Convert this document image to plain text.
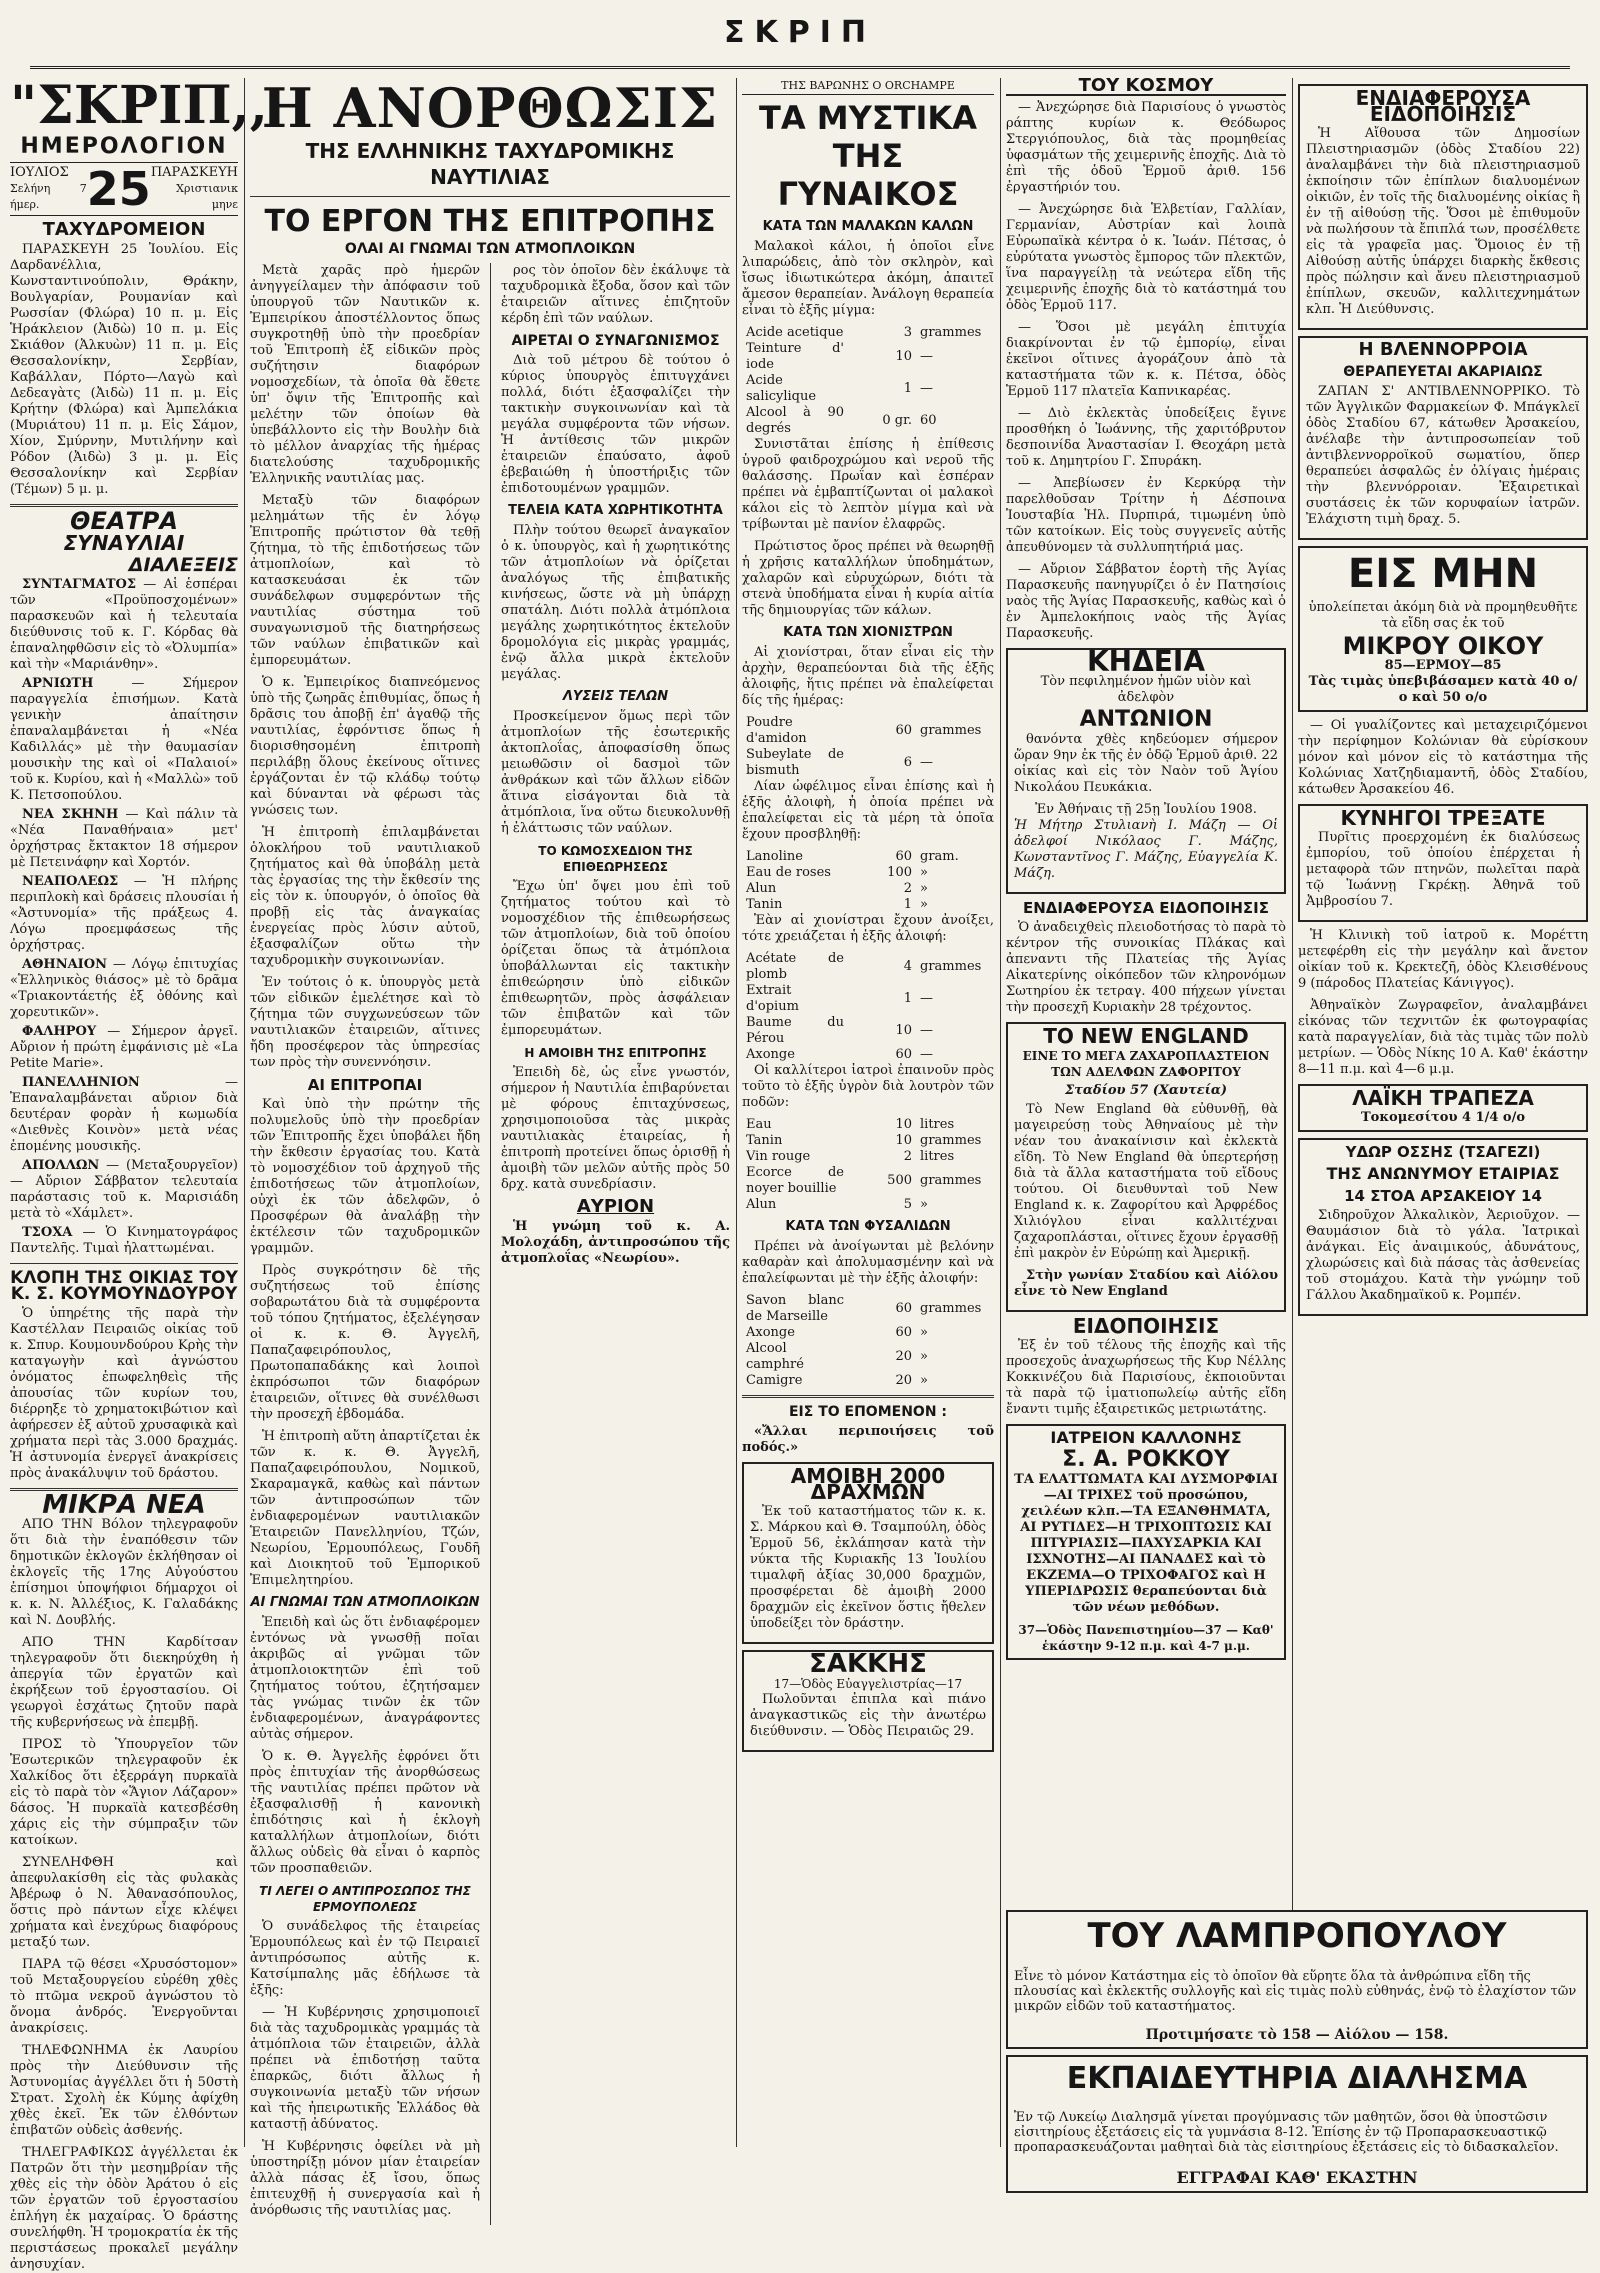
ΣΚΡΙΠ
"ΣΚΡΙΠ,,
ΗΜΕΡΟΛΟΓΙΟΝ
ΙΟΥΛΙΟΣ
Σελήνη 7 ήμερ.	25 ΠΑΡΑΣΚΕΥΗ
Χριστιανικ μηνε
ΤΑΧΥΔΡΟΜΕΙΟΝ

ΠΑΡΑΣΚΕΥΗ 25 Ἰουλίου. Εἰς Δαρδανέλλια, Κωνσταντινούπολιν, Θράκην, Βουλγαρίαν, Ρουμανίαν καὶ Ρωσσίαν (Φλώρα) 10 π. μ. Εἰς Ἡράκλειον (Ἀιδὼ) 10 π. μ. Εἰς Σκιάθον (Ἀλκυὼν) 11 π. μ. Εἰς Θεσσαλονίκην, Σερβίαν, Καβάλλαν, Πόρτο—Λαγὼ καὶ Δεδεαγὰτς (Ἀιδὼ) 11 π. μ. Εἰς Κρήτην (Φλώρα) καὶ Ἀμπελάκια (Μυριάτου) 11 π. μ. Εἰς Σάμον, Χίον, Σμύρνην, Μυτιλήνην καὶ Ρόδον (Ἀιδὼ) 3 μ. μ. Εἰς Θεσσαλονίκην καὶ Σερβίαν (Τέμων) 5 μ. μ.

ΘΕΑΤΡΑ
ΣΥΝΑΥΛΙΑΙ
ΔΙΑΛΕΞΕΙΣ

ΣΥΝΤΑΓΜΑΤΟΣ — Αἱ ἑσπέραι τῶν «Προϋποσχομένων» παρασκευῶν καὶ ἡ τελευταία διεύθυνσις τοῦ κ. Γ. Κόρδας θὰ ἐπαναληφθῶσιν εἰς τὸ «Ὀλυμπία» καὶ τὴν «Μαριάνθην».

ΑΡΝΙΩΤΗ — Σήμερον παραγγελία ἐπισήμων. Κατὰ γενικὴν ἀπαίτησιν ἐπαναλαμβάνεται ἡ «Νέα Καδιλλάς» μὲ τὴν θαυμασίαν μουσικὴν της καὶ οἱ «Παλαιοί» τοῦ κ. Κυρίου, καὶ ἡ «Μαλλὼ» τοῦ Κ. Πετσοπούλου.

ΝΕΑ ΣΚΗΝΗ — Καὶ πάλιν τὰ «Νέα Παναθήναια» μετ' ὀρχήστρας ἔκτακτον 18 σήμερον μὲ Πετεινάφην καὶ Χορτόν.

ΝΕΑΠΟΛΕΩΣ — Ἡ πλήρης περιπλοκὴ καὶ δράσεις πλουσίαι ἡ «Ἀστυνομία» τῆς πράξεως 4. Λόγω προεμφάσεως τῆς ὀρχήστρας.

ΑΘΗΝΑΙΟΝ — Λόγῳ ἐπιτυχίας «Ἑλληνικὸς θιάσος» μὲ τὸ δρᾶμα «Τριακοντάετής ἐξ ὀθόνης καὶ χορευτικῶν».

ΦΑΛΗΡΟΥ — Σήμερον ἀργεῖ. Αὔριον ἡ πρώτη ἐμφάνισις μὲ «La Petite Marie».

ΠΑΝΕΛΛΗΝΙΟΝ — Ἐπαναλαμβάνεται αὔριον διὰ δευτέραν φορὰν ἡ κωμωδία «Διεθνὲς Κοινὸν» μετὰ νέας ἑπομένης μουσικῆς.

ΑΠΟΛΛΩΝ — (Μεταξουργεῖον) — Αὔριον Σάββατον τελευταία παράστασις τοῦ κ. Μαρισιάδη μετὰ τὸ «Χάμλετ».

ΤΣΟΧΑ — Ὁ Κινηματογράφος Παντελῆς. Τιμαὶ ἠλαττωμέναι.

ΚΛΟΠΗ ΤΗΣ ΟΙΚΙΑΣ ΤΟΥ Κ. Σ. ΚΟΥΜΟΥΝΔΟΥΡΟΥ

Ὁ ὑπηρέτης τῆς παρὰ τὴν Καστέλλαν Πειραιῶς οἰκίας τοῦ κ. Σπυρ. Κουμουνδούρου Κρὴς τὴν καταγωγὴν καὶ ἀγνώστου ὀνόματος ἐπωφεληθεὶς τῆς ἀπουσίας τῶν κυρίων του, διέρρηξε τὸ χρηματοκιβώτιον καὶ ἀφήρεσεν ἐξ αὐτοῦ χρυσαφικὰ καὶ χρήματα περὶ τὰς 3.000 δραχμάς. Ἡ ἀστυνομία ἐνεργεῖ ἀνακρίσεις πρὸς ἀνακάλυψιν τοῦ δράστου.

ΜΙΚΡΑ ΝΕΑ

ΑΠΟ ΤΗΝ Βόλον τηλεγραφοῦν ὅτι διὰ τὴν ἐναπόθεσιν τῶν δημοτικῶν ἐκλογῶν ἐκλήθησαν οἱ ἐκλογεῖς τῆς 17ης Αὐγούστου ἐπίσημοι ὑποψήφιοι δήμαρχοι οἱ κ. κ. Ν. Ἀλλέξιος, Κ. Γαλαδάκης καὶ Ν. Δουβλής.

ΑΠΟ ΤΗΝ Καρδίτσαν τηλεγραφοῦν ὅτι διεκηρύχθη ἡ ἀπεργία τῶν ἐργατῶν καὶ ἐκρήξεων τοῦ ἐργοστασίου. Οἱ γεωργοὶ ἐσχάτως ζητοῦν παρὰ τῆς κυβερνήσεως νὰ ἐπεμβῇ.

ΠΡΟΣ τὸ Ὑπουργεῖον τῶν Ἐσωτερικῶν τηλεγραφοῦν ἐκ Χαλκίδος ὅτι ἐξερράγη πυρκαϊὰ εἰς τὸ παρὰ τὸν «Ἅγιον Λάζαρον» δάσος. Ἡ πυρκαϊὰ κατεσβέσθη χάρις εἰς τὴν σύμπραξιν τῶν κατοίκων.

ΣΥΝΕΛΗΦΘΗ καὶ ἀπεφυλακίσθη εἰς τὰς φυλακὰς Ἀβέρωφ ὁ Ν. Ἀθανασόπουλος, ὅστις πρὸ πάντων εἶχε κλέψει χρήματα καὶ ἐνεχύρως διαφόρους μεταξύ των.

ΠΑΡΑ τῷ θέσει «Χρυσόστομον» τοῦ Μεταξουργείου εὑρέθη χθὲς τὸ πτῶμα νεκροῦ ἀγνώστου τὸ ὄνομα ἀνδρός. Ἐνεργοῦνται ἀνακρίσεις.

ΤΗΛΕΦΩΝΗΜΑ ἐκ Λαυρίου πρὸς τὴν Διεύθυνσιν τῆς Ἀστυνομίας ἀγγέλλει ὅτι ἡ 50στὴ Στρατ. Σχολὴ ἐκ Κύμης ἀφίχθη χθὲς ἐκεῖ. Ἐκ τῶν ἐλθόντων ἐπιβατῶν οὐδεὶς ἀσθενής.

ΤΗΛΕΓΡΑΦΙΚΩΣ ἀγγέλλεται ἐκ Πατρῶν ὅτι τὴν μεσημβρίαν τῆς χθὲς εἰς τὴν ὁδὸν Ἀράτου ὁ εἰς τῶν ἐργατῶν τοῦ ἐργοστασίου ἐπλήγη ἐκ μαχαίρας. Ὁ δράστης συνελήφθη. Ἡ τρομοκρατία ἐκ τῆς περιστάσεως προκαλεῖ μεγάλην ἀνησυχίαν.

Η ΑΝΟΡΘΩΣΙΣ
ΤΗΣ ΕΛΛΗΝΙΚΗΣ ΤΑΧΥΔΡΟΜΙΚΗΣ ΝΑΥΤΙΛΙΑΣ
ΤΟ ΕΡΓΟΝ ΤΗΣ ΕΠΙΤΡΟΠΗΣ
ΟΛΑΙ ΑΙ ΓΝΩΜΑΙ ΤΩΝ ΑΤΜΟΠΛΟΙΚΩΝ

Μετὰ χαρᾶς πρὸ ἡμερῶν ἀνηγγείλαμεν τὴν ἀπόφασιν τοῦ ὑπουργοῦ τῶν Ναυτικῶν κ. Ἐμπειρίκου ἀποστέλλοντος ὅπως συγκροτηθῇ ὑπὸ τὴν προεδρίαν τοῦ Ἐπιτροπὴ ἐξ εἰδικῶν πρὸς συζήτησιν διαφόρων νομοσχεδίων, τὰ ὁποῖα θὰ ἔθετε ὑπ' ὄψιν τῆς Ἐπιτροπῆς καὶ μελέτην τῶν ὁποίων θὰ ὑπεβάλλοντο εἰς τὴν Βουλὴν διὰ τὸ μέλλον ἀναρχίας τῆς ἡμέρας διατελούσης ταχυδρομικῆς Ἑλληνικῆς ναυτιλίας μας.

Μεταξὺ τῶν διαφόρων μελημάτων τῆς ἐν λόγῳ Ἐπιτροπῆς πρώτιστον θὰ τεθῇ ζήτημα, τὸ τῆς ἐπιδοτήσεως τῶν ἀτμοπλοίων, καὶ τὸ κατασκευάσαι ἐκ τῶν συνάδελφων συμφερόντων τῆς ναυτιλίας σύστημα τοῦ συναγωνισμοῦ τῆς διατηρήσεως τῶν ναύλων ἐπιβατικῶν καὶ ἐμπορευμάτων.

Ὁ κ. Ἐμπειρίκος διαπνεόμενος ὑπὸ τῆς ζωηρᾶς ἐπιθυμίας, ὅπως ἡ δρᾶσις του ἀποβῇ ἐπ' ἀγαθῷ τῆς ναυτιλίας, ἐφρόντισε ὅπως ἡ διορισθησομένη ἐπιτροπὴ περιλάβῃ ὅλους ἐκείνους οἵτινες ἐργάζονται ἐν τῷ κλάδῳ τούτῳ καὶ δύνανται νὰ φέρωσι τὰς γνώσεις των.

Ἡ ἐπιτροπὴ ἐπιλαμβάνεται ὁλοκλήρου τοῦ ναυτιλιακοῦ ζητήματος καὶ θὰ ὑποβάλῃ μετὰ τὰς ἐργασίας της τὴν ἔκθεσίν της εἰς τὸν κ. ὑπουργόν, ὁ ὁποῖος θὰ προβῇ εἰς τὰς ἀναγκαίας ἐνεργείας πρὸς λύσιν αὐτοῦ, ἐξασφαλίζων οὕτω τὴν ταχυδρομικὴν συγκοινωνίαν.

Ἐν τούτοις ὁ κ. ὑπουργὸς μετὰ τῶν εἰδικῶν ἐμελέτησε καὶ τὸ ζήτημα τῶν συγχωνεύσεων τῶν ναυτιλιακῶν ἑταιρειῶν, αἵτινες ἤδη προσέφερον τὰς ὑπηρεσίας των πρὸς τὴν συνεννόησιν.

ΑΙ ΕΠΙΤΡΟΠΑΙ

Καὶ ὑπὸ τὴν πρώτην τῆς πολυμελοῦς ὑπὸ τὴν προεδρίαν τῶν Ἐπιτροπῆς ἔχει ὑποβάλει ἤδη τὴν ἔκθεσιν ἐργασίας του. Κατὰ τὸ νομοσχέδιον τοῦ ἀρχηγοῦ τῆς ἐπιδοτήσεως τῶν ἀτμοπλοίων, οὐχὶ ἐκ τῶν ἀδελφῶν, ὁ Προσφέρων θὰ ἀναλάβῃ τὴν ἐκτέλεσιν τῶν ταχυδρομικῶν γραμμῶν.

Πρὸς συγκρότησιν δὲ τῆς συζητήσεως τοῦ ἐπίσης σοβαρωτάτου διὰ τὰ συμφέροντα τοῦ τόπου ζητήματος, ἐξελέγησαν οἱ κ. κ. Θ. Ἀγγελῆ, Παπαζαφειρόπουλος, Πρωτοπαπαδάκης καὶ λοιποὶ ἐκπρόσωποι τῶν διαφόρων ἑταιρειῶν, οἵτινες θὰ συνέλθωσι τὴν προσεχῆ ἑβδομάδα.

Ἡ ἐπιτροπὴ αὕτη ἀπαρτίζεται ἐκ τῶν κ. κ. Θ. Ἀγγελῆ, Παπαζαφειρόπουλου, Νομικοῦ, Σκαραμαγκᾶ, καθὼς καὶ πάντων τῶν ἀντιπροσώπων τῶν ἐνδιαφερομένων ναυτιλιακῶν Ἑταιρειῶν Πανελληνίου, Τζών, Νεωρίου, Ἑρμουπόλεως, Γουδῆ καὶ Διοικητοῦ τοῦ Ἐμπορικοῦ Ἐπιμελητηρίου.

ΑΙ ΓΝΩΜΑΙ ΤΩΝ ΑΤΜΟΠΛΟΙΚΩΝ

Ἐπειδὴ καὶ ὡς ὅτι ἐνδιαφέρομεν ἐντόνως νὰ γνωσθῇ ποῖαι ἀκριβῶς αἱ γνῶμαι τῶν ἀτμοπλοιοκτητῶν ἐπὶ τοῦ ζητήματος τούτου, ἐζητήσαμεν τὰς γνώμας τινῶν ἐκ τῶν ἐνδιαφερομένων, ἀναγράφοντες αὐτὰς σήμερον.

Ὁ κ. Θ. Ἀγγελῆς ἐφρόνει ὅτι πρὸς ἐπιτυχίαν τῆς ἀνορθώσεως τῆς ναυτιλίας πρέπει πρῶτον νὰ ἐξασφαλισθῇ ἡ κανονικὴ ἐπιδότησις καὶ ἡ ἐκλογὴ καταλλήλων ἀτμοπλοίων, διότι ἄλλως οὐδεὶς θὰ εἶναι ὁ καρπὸς τῶν προσπαθειῶν.

ΤΙ ΛΕΓΕΙ Ο ΑΝΤΙΠΡΟΣΩΠΟΣ ΤΗΣ ΕΡΜΟΥΠΟΛΕΩΣ

Ὁ συνάδελφος τῆς ἑταιρείας Ἑρμουπόλεως καὶ ἐν τῷ Πειραιεῖ ἀντιπρόσωπος αὐτῆς κ. Κατσίμπαλης μᾶς ἐδήλωσε τὰ ἑξῆς:

— Ἡ Κυβέρνησις χρησιμοποιεῖ διὰ τὰς ταχυδρομικὰς γραμμάς τὰ ἀτμόπλοια τῶν ἑταιρειῶν, ἀλλὰ πρέπει νὰ ἐπιδοτήσῃ ταῦτα ἐπαρκῶς, διότι ἄλλως ἡ συγκοινωνία μεταξὺ τῶν νήσων καὶ τῆς ἠπειρωτικῆς Ἑλλάδος θὰ καταστῇ ἀδύνατος.

Ἡ Κυβέρνησις ὀφείλει νὰ μὴ ὑποστηρίξῃ μόνον μίαν ἑταιρείαν ἀλλὰ πάσας ἐξ ἴσου, ὅπως ἐπιτευχθῇ ἡ συνεργασία καὶ ἡ ἀνόρθωσις τῆς ναυτιλίας μας.

ρος τὸν ὁποῖον δὲν ἐκάλυψε τὰ ταχυδρομικὰ ἔξοδα, ὅσον καὶ τῶν ἑταιρειῶν αἵτινες ἐπιζητοῦν κέρδη ἐπὶ τῶν ναύλων.

ΑΙΡΕΤΑΙ Ο ΣΥΝΑΓΩΝΙΣΜΟΣ

Διὰ τοῦ μέτρου δὲ τούτου ὁ κύριος ὑπουργὸς ἐπιτυγχάνει πολλά, διότι ἐξασφαλίζει τὴν τακτικὴν συγκοινωνίαν καὶ τὰ μεγάλα συμφέροντα τῶν νήσων. Ἡ ἀντίθεσις τῶν μικρῶν ἑταιρειῶν ἐπαύσατο, ἀφοῦ ἐβεβαιώθη ἡ ὑποστήριξις τῶν ἐπιδοτουμένων γραμμῶν.

ΤΕΛΕΙΑ ΚΑΤΑ ΧΩΡΗΤΙΚΟΤΗΤΑ

Πλὴν τούτου θεωρεῖ ἀναγκαῖον ὁ κ. ὑπουργὸς, καὶ ἡ χωρητικότης τῶν ἀτμοπλοίων νὰ ὁρίζεται ἀναλόγως τῆς ἐπιβατικῆς κινήσεως, ὥστε νὰ μὴ ὑπάρχῃ σπατάλη. Διότι πολλὰ ἀτμόπλοια μεγάλης χωρητικότητος ἐκτελοῦν δρομολόγια εἰς μικρὰς γραμμάς, ἐνῷ ἄλλα μικρὰ ἐκτελοῦν μεγάλας.

ΛΥΣΕΙΣ ΤΕΛΩΝ

Προσκείμενον ὅμως περὶ τῶν ἀτμοπλοίων τῆς ἐσωτερικῆς ἀκτοπλοΐας, ἀποφασίσθη ὅπως μειωθῶσιν οἱ δασμοὶ τῶν ἀνθράκων καὶ τῶν ἄλλων εἰδῶν ἅτινα εἰσάγονται διὰ τὰ ἀτμόπλοια, ἵνα οὕτω διευκολυνθῇ ἡ ἐλάττωσις τῶν ναύλων.

ΤΟ ΚΩΜΟΣΧΕΔΙΟΝ ΤΗΣ ΕΠΙΘΕΩΡΗΣΕΩΣ

Ἔχω ὑπ' ὄψει μου ἐπὶ τοῦ ζητήματος τούτου καὶ τὸ νομοσχέδιον τῆς ἐπιθεωρήσεως τῶν ἀτμοπλοίων, διὰ τοῦ ὁποίου ὁρίζεται ὅπως τὰ ἀτμόπλοια ὑποβάλλωνται εἰς τακτικὴν ἐπιθεώρησιν ὑπὸ εἰδικῶν ἐπιθεωρητῶν, πρὸς ἀσφάλειαν τῶν ἐπιβατῶν καὶ τῶν ἐμπορευμάτων.

Η ΑΜΟΙΒΗ ΤΗΣ ΕΠΙΤΡΟΠΗΣ

Ἐπειδὴ δὲ, ὡς εἶνε γνωστόν, σήμερον ἡ Ναυτιλία ἐπιβαρύνεται μὲ φόρους ἐπιταχύνσεως, χρησιμοποιοῦσα τὰς μικρὰς ναυτιλιακὰς ἑταιρείας, ἡ ἐπιτροπὴ προτείνει ὅπως ὁρισθῇ ἡ ἀμοιβὴ τῶν μελῶν αὐτῆς πρὸς 50 δρχ. κατὰ συνεδρίασιν.

ΑΥΡΙΟΝ

Ἡ γνώμη τοῦ κ. Α. Μολοχάδη, ἀντιπροσώπου τῆς ἀτμοπλοΐας «Νεωρίου».

ΤΗΣ ΒΑΡΩΝΗΣ Ο ORCHAMPE
ΤΑ ΜΥΣΤΙΚΑ ΤΗΣ ΓΥΝΑΙΚΟΣ
ΚΑΤΑ ΤΩΝ ΜΑΛΑΚΩΝ ΚΑΛΩΝ

Μαλακοὶ κάλοι, ἡ ὁποῖοι εἶνε λιπαρώδεις, ἀπὸ τὸν σκληρὸν, καὶ ἴσως ἰδιωτικώτερα ἀκόμη, ἀπαιτεῖ ἄμεσον θεραπείαν. Ἀνάλογη θεραπεία εἶναι τὸ ἑξῆς μίγμα:

Acide acetique	3	grammes
Teinture d' iode	10	—
Acide salicylique	1	—
Alcool à 90 degrés	0 gr.	60

Συνιστᾶται ἐπίσης ἡ ἐπίθεσις ὑγροῦ φαιδροχρώμου καὶ νεροῦ τῆς θαλάσσης. Πρωΐαν καὶ ἑσπέραν πρέπει νὰ ἐμβαπτίζωνται οἱ μαλακοὶ κάλοι εἰς τὸ λεπτὸν μίγμα καὶ νὰ τρίβωνται μὲ πανίον ἐλαφρῶς.

Πρώτιστος ὄρος πρέπει νὰ θεωρηθῇ ἡ χρῆσις καταλλήλων ὑποδημάτων, χαλαρῶν καὶ εὐρυχώρων, διότι τὰ στενὰ ὑποδήματα εἶναι ἡ κυρία αἰτία τῆς δημιουργίας τῶν κάλων.

ΚΑΤΑ ΤΩΝ ΧΙΟΝΙΣΤΡΩΝ

Αἱ χιονίστραι, ὅταν εἶναι εἰς τὴν ἀρχὴν, θεραπεύονται διὰ τῆς ἑξῆς ἀλοιφῆς, ἥτις πρέπει νὰ ἐπαλείφεται δίς τῆς ἡμέρας:

Poudre d'amidon	60	grammes
Subeylate de bismuth	6	—

Λίαν ὠφέλιμος εἶναι ἐπίσης καὶ ἡ ἑξῆς ἀλοιφὴ, ἡ ὁποία πρέπει νὰ ἐπαλείφεται εἰς τὰ μέρη τὰ ὁποῖα ἔχουν προσβληθῇ:

Lanoline	60	gram.
Eau de roses	100	»
Alun	2	»
Tanin	1	»

Ἐὰν αἱ χιονίστραι ἔχουν ἀνοίξει, τότε χρειάζεται ἡ ἑξῆς ἀλοιφή:

Acétate de plomb	4	grammes
Extrait d'opium	1	—
Baume du Pérou	10	—
Axonge	60	—

Οἱ καλλίτεροι ἰατροὶ ἐπαινοῦν πρὸς τοῦτο τὸ ἑξῆς ὑγρὸν διὰ λουτρὸν τῶν ποδῶν:

Eau	10	litres
Tanin	10	grammes
Vin rouge	2	litres
Ecorce de noyer bouillie	500	grammes
Alun	5	»
ΚΑΤΑ ΤΩΝ ΦΥΣΑΛΙΔΩΝ

Πρέπει νὰ ἀνοίγωνται μὲ βελόνην καθαρὰν καὶ ἀπολυμασμένην καὶ νὰ ἐπαλείφωνται μὲ τὴν ἑξῆς ἀλοιφήν:

Savon blanc de Marseille	60	grammes
Axonge	60	»
Alcool camphré	20	»
Camigre	20	»
ΕΙΣ ΤΟ ΕΠΟΜΕΝΟΝ :

«Ἄλλαι περιποιήσεις τοῦ ποδός.»

ΑΜΟΙΒΗ 2000 ΔΡΑΧΜΩΝ

Ἐκ τοῦ καταστήματος τῶν κ. κ. Σ. Μάρκου καὶ Θ. Τσαμπούλη, ὁδὸς Ἑρμοῦ 56, ἐκλάπησαν κατὰ τὴν νύκτα τῆς Κυριακῆς 13 Ἰουλίου τιμαλφῆ ἀξίας 30,000 δραχμῶν, προσφέρεται δὲ ἀμοιβὴ 2000 δραχμῶν εἰς ἐκεῖνον ὅστις ἤθελεν ὑποδείξει τὸν δράστην.

ΣΑΚΚΗΣ
17—Ὁδὸς Εὐαγγελιστρίας—17

Πωλοῦνται ἐπιπλα καὶ πιάνο ἀναγκαστικῶς εἰς τὴν ἀνωτέρω διεύθυνσιν. — Ὁδὸς Πειραιῶς 29.

ΤΟΥ ΚΟΣΜΟΥ

— Ἀνεχώρησε διὰ Παρισίους ὁ γνωστὸς ράπτης κυρίων κ. Θεόδωρος Στεργιόπουλος, διὰ τὰς προμηθείας ὑφασμάτων τῆς χειμερινῆς ἐποχῆς. Διὰ τὸ ἐπὶ τῆς ὁδοῦ Ἑρμοῦ ἀριθ. 156 ἐργαστήριόν του.

— Ἀνεχώρησε διὰ Ἑλβετίαν, Γαλλίαν, Γερμανίαν, Αὐστρίαν καὶ λοιπὰ Εὐρωπαϊκὰ κέντρα ὁ κ. Ἰωάν. Πέτσας, ὁ εὐρύτατα γνωστὸς ἔμπορος τῶν πλεκτῶν, ἵνα παραγγείλῃ τὰ νεώτερα εἴδη τῆς χειμερινῆς ἐποχῆς διὰ τὸ κατάστημά του ὁδὸς Ἑρμοῦ 117.

— Ὅσοι μὲ μεγάλη ἐπιτυχία διακρίνονται ἐν τῷ ἐμπορίῳ, εἶναι ἐκεῖνοι οἵτινες ἀγοράζουν ἀπὸ τὰ καταστήματα τῶν κ. κ. Πέτσα, ὁδὸς Ἑρμοῦ 117 πλατεῖα Καπνικαρέας.

— Διὸ ἐκλεκτὰς ὑποδείξεις ἔγινε προσθήκη ὁ Ἰωάννης, τῆς χαριτόβρυτον δεσποινίδα Ἀναστασίαν Ι. Θεοχάρη μετὰ τοῦ κ. Δημητρίου Γ. Σπυράκη.

— Ἀπεβίωσεν ἐν Κερκύρᾳ τὴν παρελθοῦσαν Τρίτην ἡ Δέσποινα Ἰουσταβία Ἡλ. Πυρπιρά, τιμωμένη ὑπὸ τῶν κατοίκων. Εἰς τοὺς συγγενεῖς αὐτῆς ἀπευθύνομεν τὰ συλλυπητήριά μας.

— Αὔριον Σάββατον ἑορτὴ τῆς Ἁγίας Παρασκευῆς πανηγυρίζει ὁ ἐν Πατησίοις ναὸς τῆς Ἁγίας Παρασκευῆς, καθὼς καὶ ὁ ἐν Ἀμπελοκήποις ναὸς τῆς Ἁγίας Παρασκευῆς.

ΚΗΔΕΙΑ
Τὸν πεφιλημένον ἡμῶν υἱὸν καὶ ἀδελφὸν
ΑΝΤΩΝΙΟΝ

θανόντα χθὲς κηδεύομεν σήμερον ὥραν 9ην ἐκ τῆς ἐν ὁδῷ Ἑρμοῦ ἀριθ. 22 οἰκίας καὶ εἰς τὸν Ναὸν τοῦ Ἁγίου Νικολάου Πευκάκια.

Ἐν Ἀθήναις τῇ 25ῃ Ἰουλίου 1908.

Ἡ Μήτηρ Στυλιανὴ Ι. Μάζη — Οἱ ἀδελφοί Νικόλαος Γ. Μάζης, Κωνσταντῖνος Γ. Μάζης, Εὐαγγελία Κ. Μάζη.

ΕΝΔΙΑΦΕΡΟΥΣΑ ΕΙΔΟΠΟΙΗΣΙΣ

Ὁ ἀναδειχθεὶς πλειοδοτήσας τὸ παρὰ τὸ κέντρον τῆς συνοικίας Πλάκας καὶ ἀπεναντι τῆς Πλατείας τῆς Ἁγίας Αἰκατερίνης οἰκόπεδον τῶν κληρονόμων Σωτηρίου ἐκ τετραγ. 400 πήχεων γίνεται τὴν προσεχῆ Κυριακὴν 28 τρέχοντος.

ΤΟ NEW ENGLAND
ΕΙΝΕ ΤΟ ΜΕΓΑ ΖΑΧΑΡΟΠΛΑΣΤΕΙΟΝ ΤΩΝ ΑΔΕΛΦΩΝ ΖΑΦΟΡΙΤΟΥ
Σταδίου 57 (Χαυτεία)

Τὸ New England θὰ εὐθυνθῇ, θὰ μαγειρεύσῃ τοὺς Ἀθηναίους μὲ τὴν νέαν του ἀνακαίνισιν καὶ ἐκλεκτὰ εἴδη. Τὸ New England θὰ ὑπερτερήσῃ διὰ τὰ ἄλλα καταστήματα τοῦ εἴδους τούτου. Οἱ διευθυνταὶ τοῦ New England κ. κ. Ζαφορίτου καὶ Ἀρφρέδος Χιλιόγλου εἶναι καλλιτέχναι ζαχαροπλάσται, οἵτινες ἔχουν ἐργασθῇ ἐπὶ μακρὸν ἐν Εὐρώπῃ καὶ Ἀμερικῇ.

Στὴν γωνίαν Σταδίου καὶ Αἰόλου εἶνε τὸ New England

ΕΙΔΟΠΟΙΗΣΙΣ

Ἐξ ἐν τοῦ τέλους τῆς ἐποχῆς καὶ τῆς προσεχοῦς ἀναχωρήσεως τῆς Κυρ Νέλλης Κοκκινέζου διὰ Παρισίους, ἐκποιοῦνται τὰ παρὰ τῷ ἱματιοπωλείῳ αὐτῆς εἴδη ἔναντι τιμῆς ἐξαιρετικῶς μετριωτάτης.

ΙΑΤΡΕΙΟΝ ΚΑΛΛΟΝΗΣ
Σ. Α. ΡΟΚΚΟΥ

ΤΑ ΕΛΑΤΤΩΜΑΤΑ ΚΑΙ ΔΥΣΜΟΡΦΙΑΙ—ΑΙ ΤΡΙΧΕΣ τοῦ προσώπου, χειλέων κλπ.—ΤΑ ΕΞΑΝΘΗΜΑΤΑ, ΑΙ ΡΥΤΙΔΕΣ—Η ΤΡΙΧΟΠΤΩΣΙΣ ΚΑΙ ΠΙΤΥΡΙΑΣΙΣ—ΠΑΧΥΣΑΡΚΙΑ ΚΑΙ ΙΣΧΝΟΤΗΣ—ΑΙ ΠΑΝΑΔΕΣ καὶ τὸ ΕΚΖΕΜΑ—Ο ΤΡΙΧΟΦΑΓΟΣ καὶ Η ΥΠΕΡΙΔΡΩΣΙΣ θεραπεύονται διὰ τῶν νέων μεθόδων.

37—Ὁδὸς Πανεπιστημίου—37 — Καθ' ἑκάστην 9-12 π.μ. καὶ 4-7 μ.μ.
ΕΝΔΙΑΦΕΡΟΥΣΑ ΕΙΔΟΠΟΙΗΣΙΣ

Ἡ Αἴθουσα τῶν Δημοσίων Πλειστηριασμῶν (ὁδὸς Σταδίου 22) ἀναλαμβάνει τὴν διὰ πλειστηριασμοῦ ἐκποίησιν τῶν ἐπίπλων διαλυομένων οἰκιῶν, ἐν τοῖς τῆς διαλυομένης οἰκίας ἢ ἐν τῇ αἰθούσῃ τῆς. Ὅσοι μὲ ἐπιθυμοῦν νὰ πωλήσουν τὰ ἔπιπλά των, προσέλθετε εἰς τὰ γραφεῖα μας. Ὅμοιος ἐν τῇ Αἰθούσῃ αὐτῆς ὑπάρχει διαρκὴς ἔκθεσις πρὸς πώλησιν καὶ ἄνευ πλειστηριασμοῦ ἐπίπλων, σκευῶν, καλλιτεχνημάτων κλπ. Ἡ Διεύθυνσις.

Η ΒΛΕΝΝΟΡΡΟΙΑ
ΘΕΡΑΠΕΥΕΤΑΙ ΑΚΑΡΙΑΙΩΣ

ΖΑΠΑΝ Σ' ΑΝΤΙΒΛΕΝΝΟΡΡΙΚΟ. Τὸ τῶν Ἀγγλικῶν Φαρμακείων Φ. Μπάγκλεϊ ὁδὸς Σταδίου 67, κάτωθεν Ἀρσακείου, ἀνέλαβε τὴν ἀντιπροσωπείαν τοῦ ἀντιβλεννορροϊκοῦ σωματίου, ὅπερ θεραπεύει ἀσφαλῶς ἐν ὀλίγαις ἡμέραις τὴν βλεννόρροιαν. Ἐξαιρετικαὶ συστάσεις ἐκ τῶν κορυφαίων ἰατρῶν. Ἐλάχιστη τιμὴ δραχ. 5.

ΕΙΣ ΜΗΝ

ὑπολείπεται ἀκόμη διὰ νὰ προμηθευθῆτε τὰ εἴδη σας ἐκ τοῦ

ΜΙΚΡΟΥ ΟΙΚΟΥ
85—ΕΡΜΟΥ—85
Τὰς τιμὰς ὑπεβιβάσαμεν κατὰ 40 ο/ο καὶ 50 ο/ο

— Οἱ γυαλίζοντες καὶ μεταχειριζόμενοι τὴν περίφημον Κολώνιαν θὰ εὑρίσκουν μόνον καὶ μόνον εἰς τὸ κατάστημα τῆς Κολώνιας Χατζηδιαμαντῆ, ὁδὸς Σταδίου, κάτωθεν Ἀρσακείου 46.

ΚΥΝΗΓΟΙ ΤΡΕΞΑΤΕ

Πυρῖτις προερχομένη ἐκ διαλύσεως ἐμπορίου, τοῦ ὁποίου ἐπέρχεται ἡ μεταφορὰ τῶν πτηνῶν, πωλεῖται παρὰ τῷ Ἰωάννῃ Γκρέκῃ. Ἀθηνᾶ τοῦ Ἀμβροσίου 7.

Ἡ Κλινικὴ τοῦ ἰατροῦ κ. Μορέττη μετεφέρθη εἰς τὴν μεγάλην καὶ ἄνετον οἰκίαν τοῦ κ. Κρεκτεζῆ, ὁδὸς Κλεισθένους 9 (πάροδος Πλατείας Κάνιγγος).

Ἀθηναϊκὸν Ζωγραφεῖον, ἀναλαμβάνει εἰκόνας τῶν τεχνιτῶν ἐκ φωτογραφίας κατὰ παραγγελίαν, διὰ τὰς τιμὰς τῶν πολὺ μετρίων. — Ὁδὸς Νίκης 10 Α. Καθ' ἑκάστην 8—11 π.μ. καὶ 4—6 μ.μ.

ΛΑΪΚΗ ΤΡΑΠΕΖΑ
Τοκομεσίτου 4 1/4 ο/ο
ΥΔΩΡ ΟΣΣΗΣ (ΤΣΑΓΕΖΙ)
ΤΗΣ ΑΝΩΝΥΜΟΥ ΕΤΑΙΡΙΑΣ
14 ΣΤΟΑ ΑΡΣΑΚΕΙΟΥ 14

Σιδηροῦχον Ἀλκαλικὸν, Ἀεριοῦχον. — Θαυμάσιον διὰ τὸ γάλα. Ἰατρικαὶ ἀνάγκαι. Εἰς ἀναιμικούς, ἀδυνάτους, χλωρώσεις καὶ διὰ πάσας τὰς ἀσθενείας τοῦ στομάχου. Κατὰ τὴν γνώμην τοῦ Γάλλου Ἀκαδημαϊκοῦ κ. Ρομπέν.

ΤΟΥ ΛΑΜΠΡΟΠΟΥΛΟΥ

Εἶνε τὸ μόνον Κατάστημα εἰς τὸ ὁποῖον θὰ εὕρητε ὅλα τὰ ἀνθρώπινα εἴδη τῆς πλουσίας καὶ ἐκλεκτῆς συλλογῆς καὶ εἰς τιμὰς πολὺ εὐθηνάς, ἐνῷ τὸ ἐλαχίστον τῶν μικρῶν εἰδῶν τοῦ καταστήματος.

Προτιμήσατε τὸ 158 — Αἰόλου — 158.
ΕΚΠΑΙΔΕΥΤΗΡΙΑ ΔΙΑΛΗΣΜΑ

Ἐν τῷ Λυκείῳ Διαλησμᾶ γίνεται προγύμνασις τῶν μαθητῶν, ὅσοι θὰ ὑποστῶσιν εἰσιτηρίους ἐξετάσεις εἰς τὰ γυμνάσια 8-12. Ἐπίσης ἐν τῷ Προπαρασκευαστικῷ προπαρασκευάζονται μαθηταὶ διὰ τὰς εἰσιτηρίους ἐξετάσεις εἰς τὸ διδασκαλεῖον.

ΕΓΓΡΑΦΑΙ ΚΑΘ' ΕΚΑΣΤΗΝ
